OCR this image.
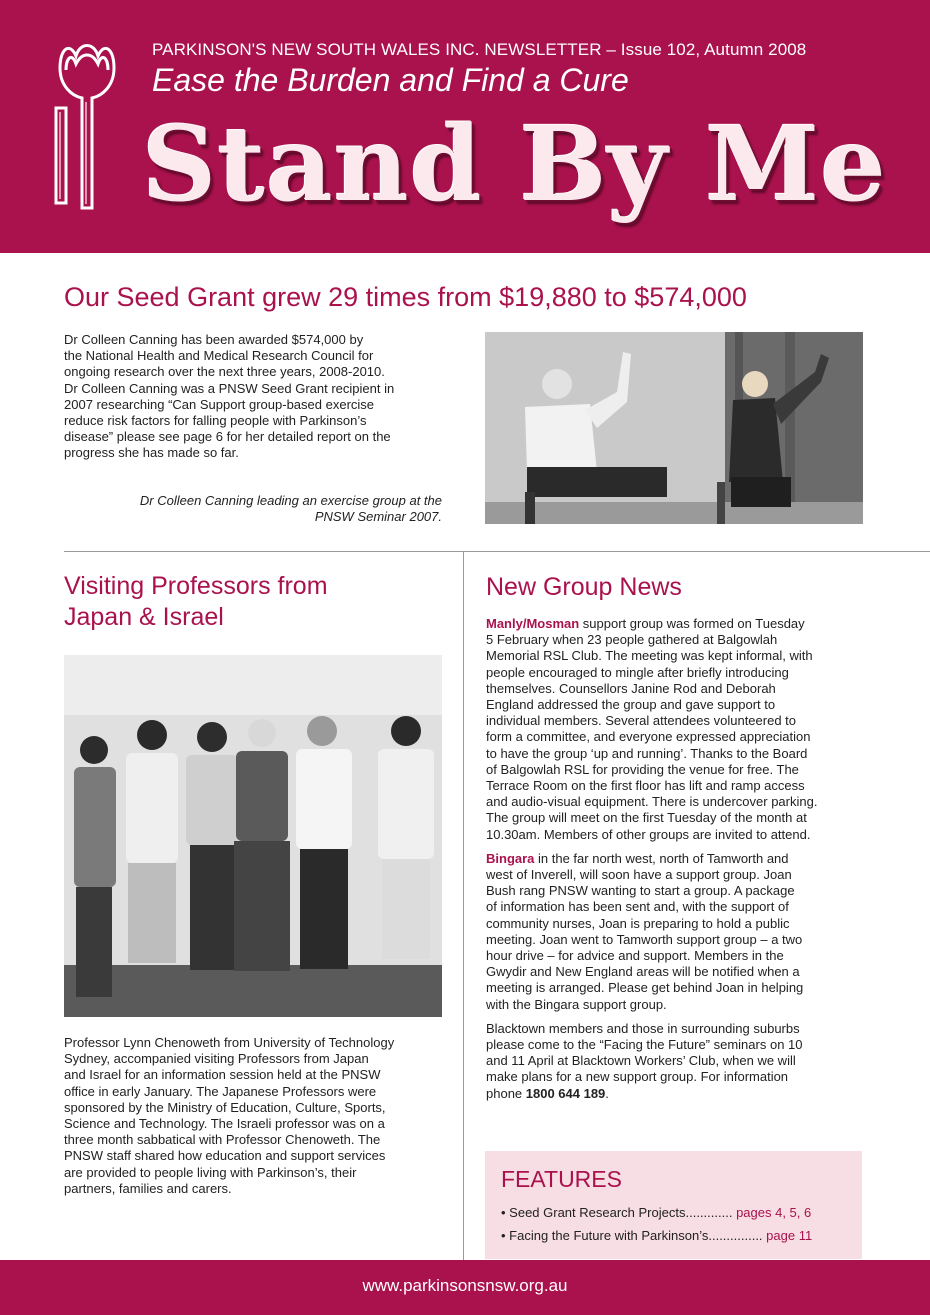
PARKINSON'S NEW SOUTH WALES INC. NEWSLETTER – Issue 102, Autumn 2008
Ease the Burden and Find a Cure
Stand By Me
Our Seed Grant grew 29 times from $19,880 to $574,000
Dr Colleen Canning has been awarded $574,000 by
the National Health and Medical Research Council for
ongoing research over the next three years, 2008-2010.
Dr Colleen Canning was a PNSW Seed Grant recipient in
2007 researching “Can Support group-based exercise
reduce risk factors for falling people with Parkinson’s
disease” please see page 6 for her detailed report on the
progress she has made so far.
Dr Colleen Canning leading an exercise group at the
PNSW Seminar 2007.
Visiting Professors from
Japan & Israel
Professor Lynn Chenoweth from University of Technology
Sydney, accompanied visiting Professors from Japan
and Israel for an information session held at the PNSW
office in early January. The Japanese Professors were
sponsored by the Ministry of Education, Culture, Sports,
Science and Technology. The Israeli professor was on a
three month sabbatical with Professor Chenoweth. The
PNSW staff shared how education and support services
are provided to people living with Parkinson’s, their
partners, families and carers.
New Group News

Manly/Mosman support group was formed on Tuesday
5 February when 23 people gathered at Balgowlah
Memorial RSL Club. The meeting was kept informal, with
people encouraged to mingle after briefly introducing
themselves. Counsellors Janine Rod and Deborah
England addressed the group and gave support to
individual members. Several attendees volunteered to
form a committee, and everyone expressed appreciation
to have the group ‘up and running’. Thanks to the Board
of Balgowlah RSL for providing the venue for free. The
Terrace Room on the first floor has lift and ramp access
and audio-visual equipment. There is undercover parking.
The group will meet on the first Tuesday of the month at
10.30am. Members of other groups are invited to attend.

Bingara in the far north west, north of Tamworth and
west of Inverell, will soon have a support group. Joan
Bush rang PNSW wanting to start a group. A package
of information has been sent and, with the support of
community nurses, Joan is preparing to hold a public
meeting. Joan went to Tamworth support group – a two
hour drive – for advice and support. Members in the
Gwydir and New England areas will be notified when a
meeting is arranged. Please get behind Joan in helping
with the Bingara support group.

Blacktown members and those in surrounding suburbs
please come to the “Facing the Future” seminars on 10
and 11 April at Blacktown Workers’ Club, when we will
make plans for a new support group. For information
phone 1800 644 189.

FEATURES
• Seed Grant Research Projects............. pages 4, 5, 6
• Facing the Future with Parkinson’s............... page 11
www.parkinsonsnsw.org.au
